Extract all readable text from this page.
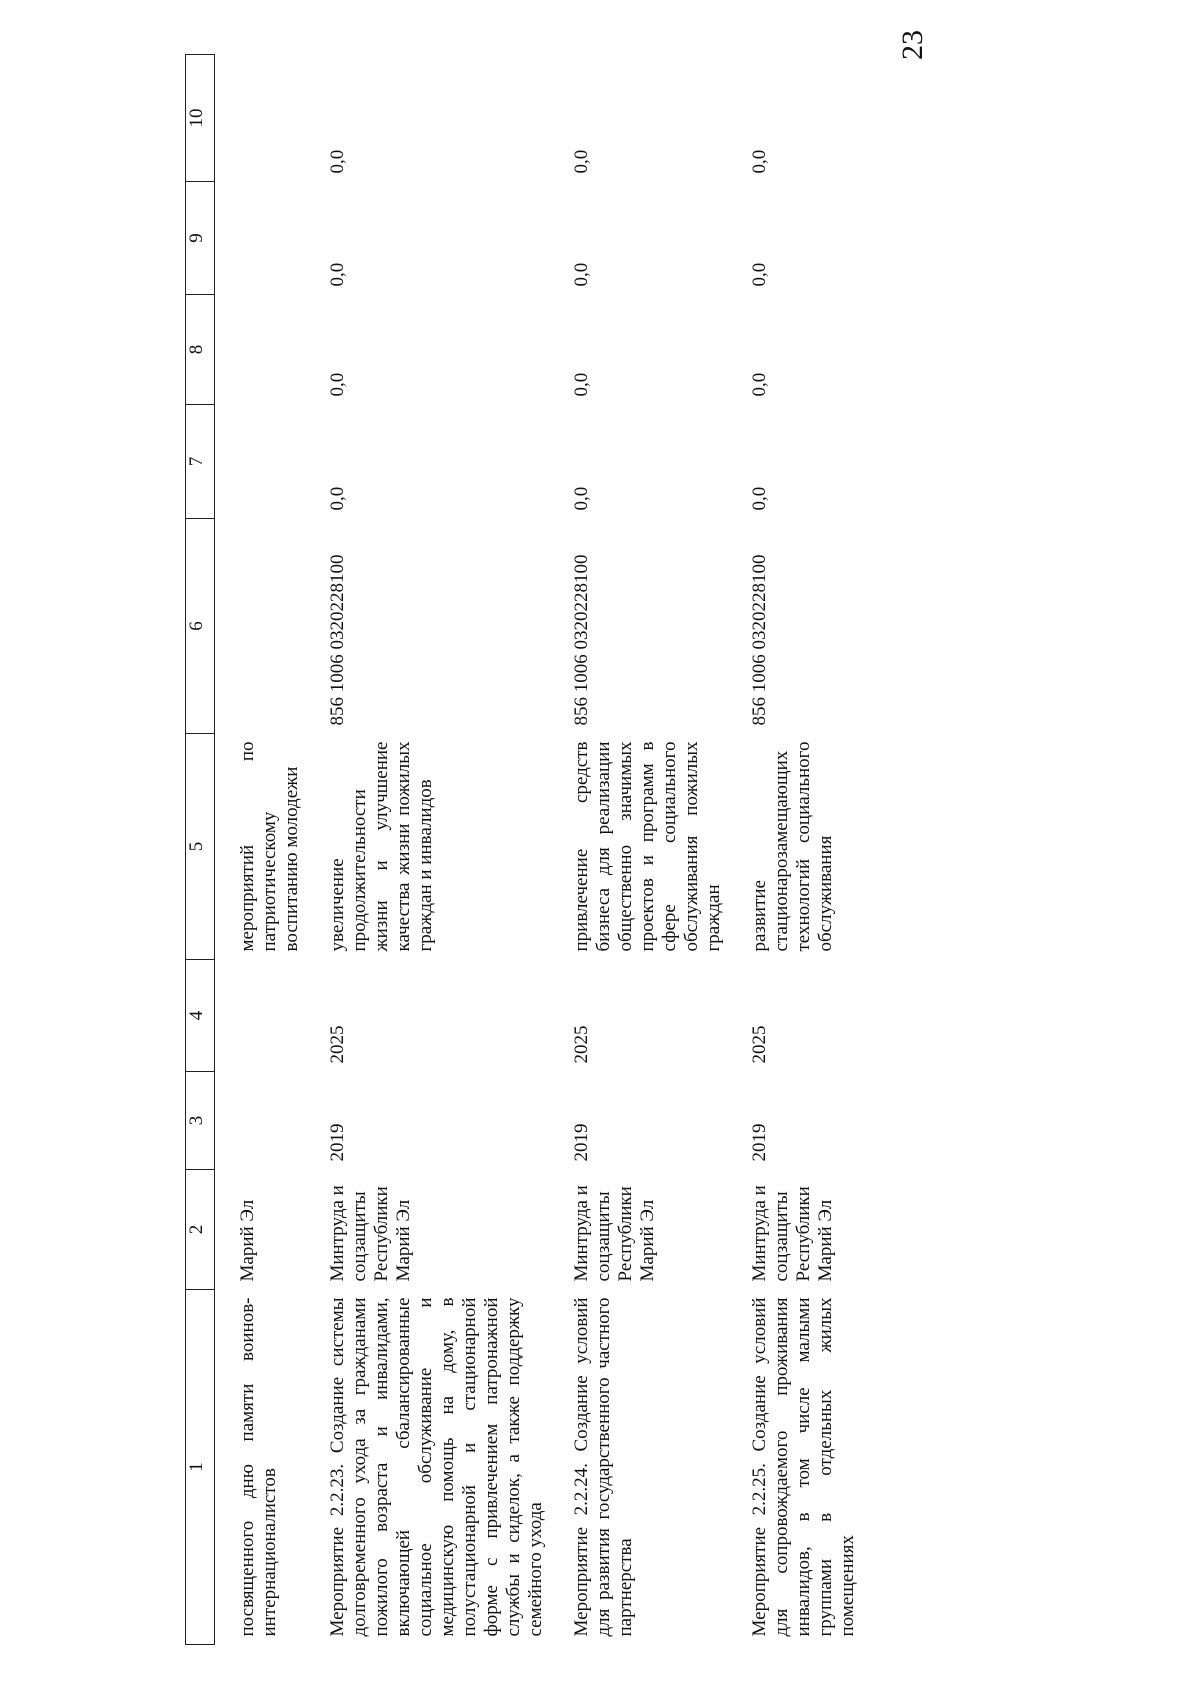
23
1	2	3	4	5	6	7	8	9	10
посвященного дню памяти воинов-интернационалистов	Марий Эл			мероприятий по патриотическому воспитанию молодежи					
Мероприятие 2.2.23. Создание системы долговременного ухода за гражданами пожилого возраста и инвалидами, включающей сбалансированные социальное обслуживание и медицинскую помощь на дому, в полустационарной и стационарной форме с привлечением патронажной службы и сиделок, а также поддержку семейного ухода	Минтруда и соцзащиты Республики Марий Эл	2019	2025	увеличение продолжительности жизни и улучшение качества жизни пожилых граждан и инвалидов	856 1006 0320228100	0,0	0,0	0,0	0,0
Мероприятие 2.2.24. Создание условий для развития государственного частного партнерства	Минтруда и соцзащиты Республики Марий Эл	2019	2025	привлечение средств бизнеса для реализации общественно значимых проектов и программ в сфере социального обслуживания пожилых граждан	856 1006 0320228100	0,0	0,0	0,0	0,0
Мероприятие 2.2.25. Создание условий для сопровождаемого проживания инвалидов, в том числе малыми группами в отдельных жилых помещениях	Минтруда и соцзащиты Республики Марий Эл	2019	2025	развитие стационарозамещающих технологий социального обслуживания	856 1006 0320228100	0,0	0,0	0,0	0,0
